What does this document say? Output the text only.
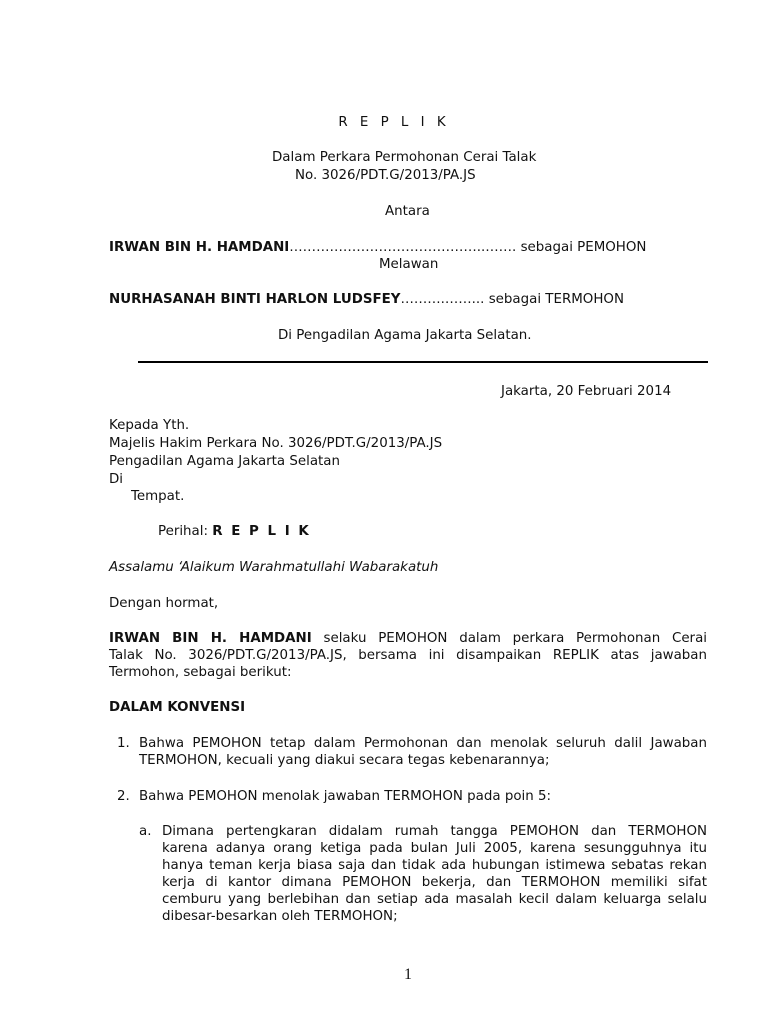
R E P L I K
Dalam Perkara Permohonan Cerai Talak
No. 3026/PDT.G/2013/PA.JS
Antara
IRWAN BIN H. HAMDANI……………………………………..……. sebagai PEMOHON
Melawan
NURHASANAH BINTI HARLON LUDSFEY……….……... sebagai TERMOHON
Di Pengadilan Agama Jakarta Selatan.
Jakarta, 20 Februari 2014
Kepada Yth.
Majelis Hakim Perkara No. 3026/PDT.G/2013/PA.JS
Pengadilan Agama Jakarta Selatan
Di
Tempat.
Perihal: R E P L I K
Assalamu ‘Alaikum Warahmatullahi Wabarakatuh
Dengan hormat,
IRWAN BIN H. HAMDANI selaku PEMOHON dalam perkara Permohonan Cerai
Talak No. 3026/PDT.G/2013/PA.JS, bersama ini disampaikan REPLIK atas jawaban
Termohon, sebagai berikut:
DALAM KONVENSI
1. Bahwa PEMOHON tetap dalam Permohonan dan menolak seluruh dalil Jawaban
TERMOHON, kecuali yang diakui secara tegas kebenarannya;
2. Bahwa PEMOHON menolak jawaban TERMOHON pada poin 5:
a. Dimana pertengkaran didalam rumah tangga PEMOHON dan TERMOHON
karena adanya orang ketiga pada bulan Juli 2005, karena sesungguhnya itu
hanya teman kerja biasa saja dan tidak ada hubungan istimewa sebatas rekan
kerja di kantor dimana PEMOHON bekerja, dan TERMOHON memiliki sifat
cemburu yang berlebihan dan setiap ada masalah kecil dalam keluarga selalu
dibesar-besarkan oleh TERMOHON;
1
